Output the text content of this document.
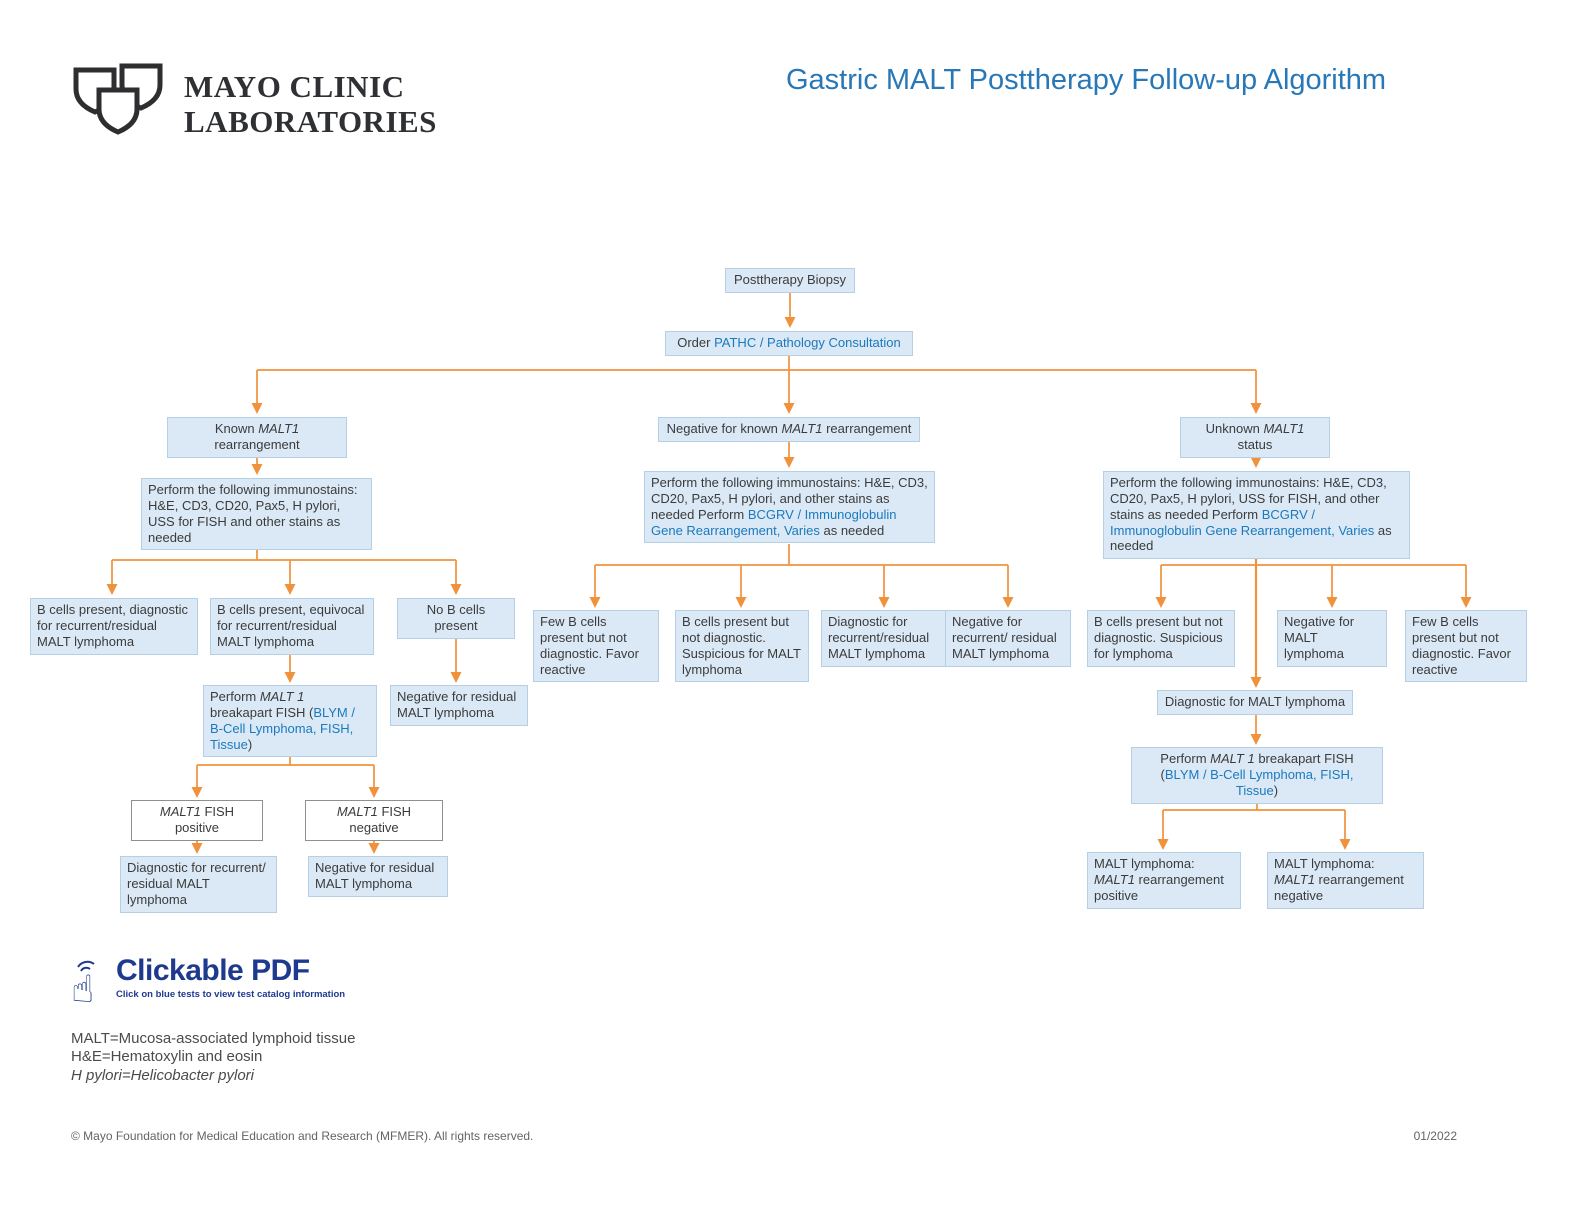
MAYO CLINIC
LABORATORIES
Gastric MALT Posttherapy Follow-up Algorithm
Posttherapy Biopsy
Order PATHC / Pathology Consultation
Known MALT1 rearrangement
Negative for known MALT1 rearrangement	Unknown MALT1 status
Perform the following immunostains: H&E, CD3, CD20, Pax5, H pylori, USS for FISH and other stains as needed
Perform the following immunostains: H&E, CD3, CD20, Pax5, H pylori, and other stains as needed Perform BCGRV / Immunoglobulin Gene Rearrangement, Varies as needed
Perform the following immunostains: H&E, CD3, CD20, Pax5, H pylori, USS for FISH, and other stains as needed Perform BCGRV / Immunoglobulin Gene Rearrangement, Varies as needed
B cells present, diagnostic for recurrent/residual MALT lymphoma
B cells present, equivocal for recurrent/residual MALT lymphoma
No B cells present
Perform MALT 1 breakapart FISH (BLYM / B-Cell Lymphoma, FISH, Tissue)
Negative for residual MALT lymphoma
MALT1 FISH positive
MALT1 FISH negative
Diagnostic for recurrent/ residual MALT lymphoma
Negative for residual MALT lymphoma
Few B cells present but not diagnostic. Favor reactive
B cells present but not diagnostic. Suspicious for MALT lymphoma
Diagnostic for recurrent/residual MALT lymphoma
Negative for recurrent/ residual MALT lymphoma
B cells present but not diagnostic. Suspicious for lymphoma
Negative for MALT lymphoma
Few B cells present but not diagnostic. Favor reactive
Diagnostic for MALT lymphoma
Perform MALT 1 breakapart FISH
(BLYM / B-Cell Lymphoma, FISH, Tissue)
MALT lymphoma: MALT1 rearrangement positive
MALT lymphoma: MALT1 rearrangement negative
☝ Clickable PDF
Click on blue tests to view test catalog information
MALT=Mucosa-associated lymphoid tissue
H&E=Hematoxylin and eosin
H pylori=Helicobacter pylori
© Mayo Foundation for Medical Education and Research (MFMER). All rights reserved.	01/2022
